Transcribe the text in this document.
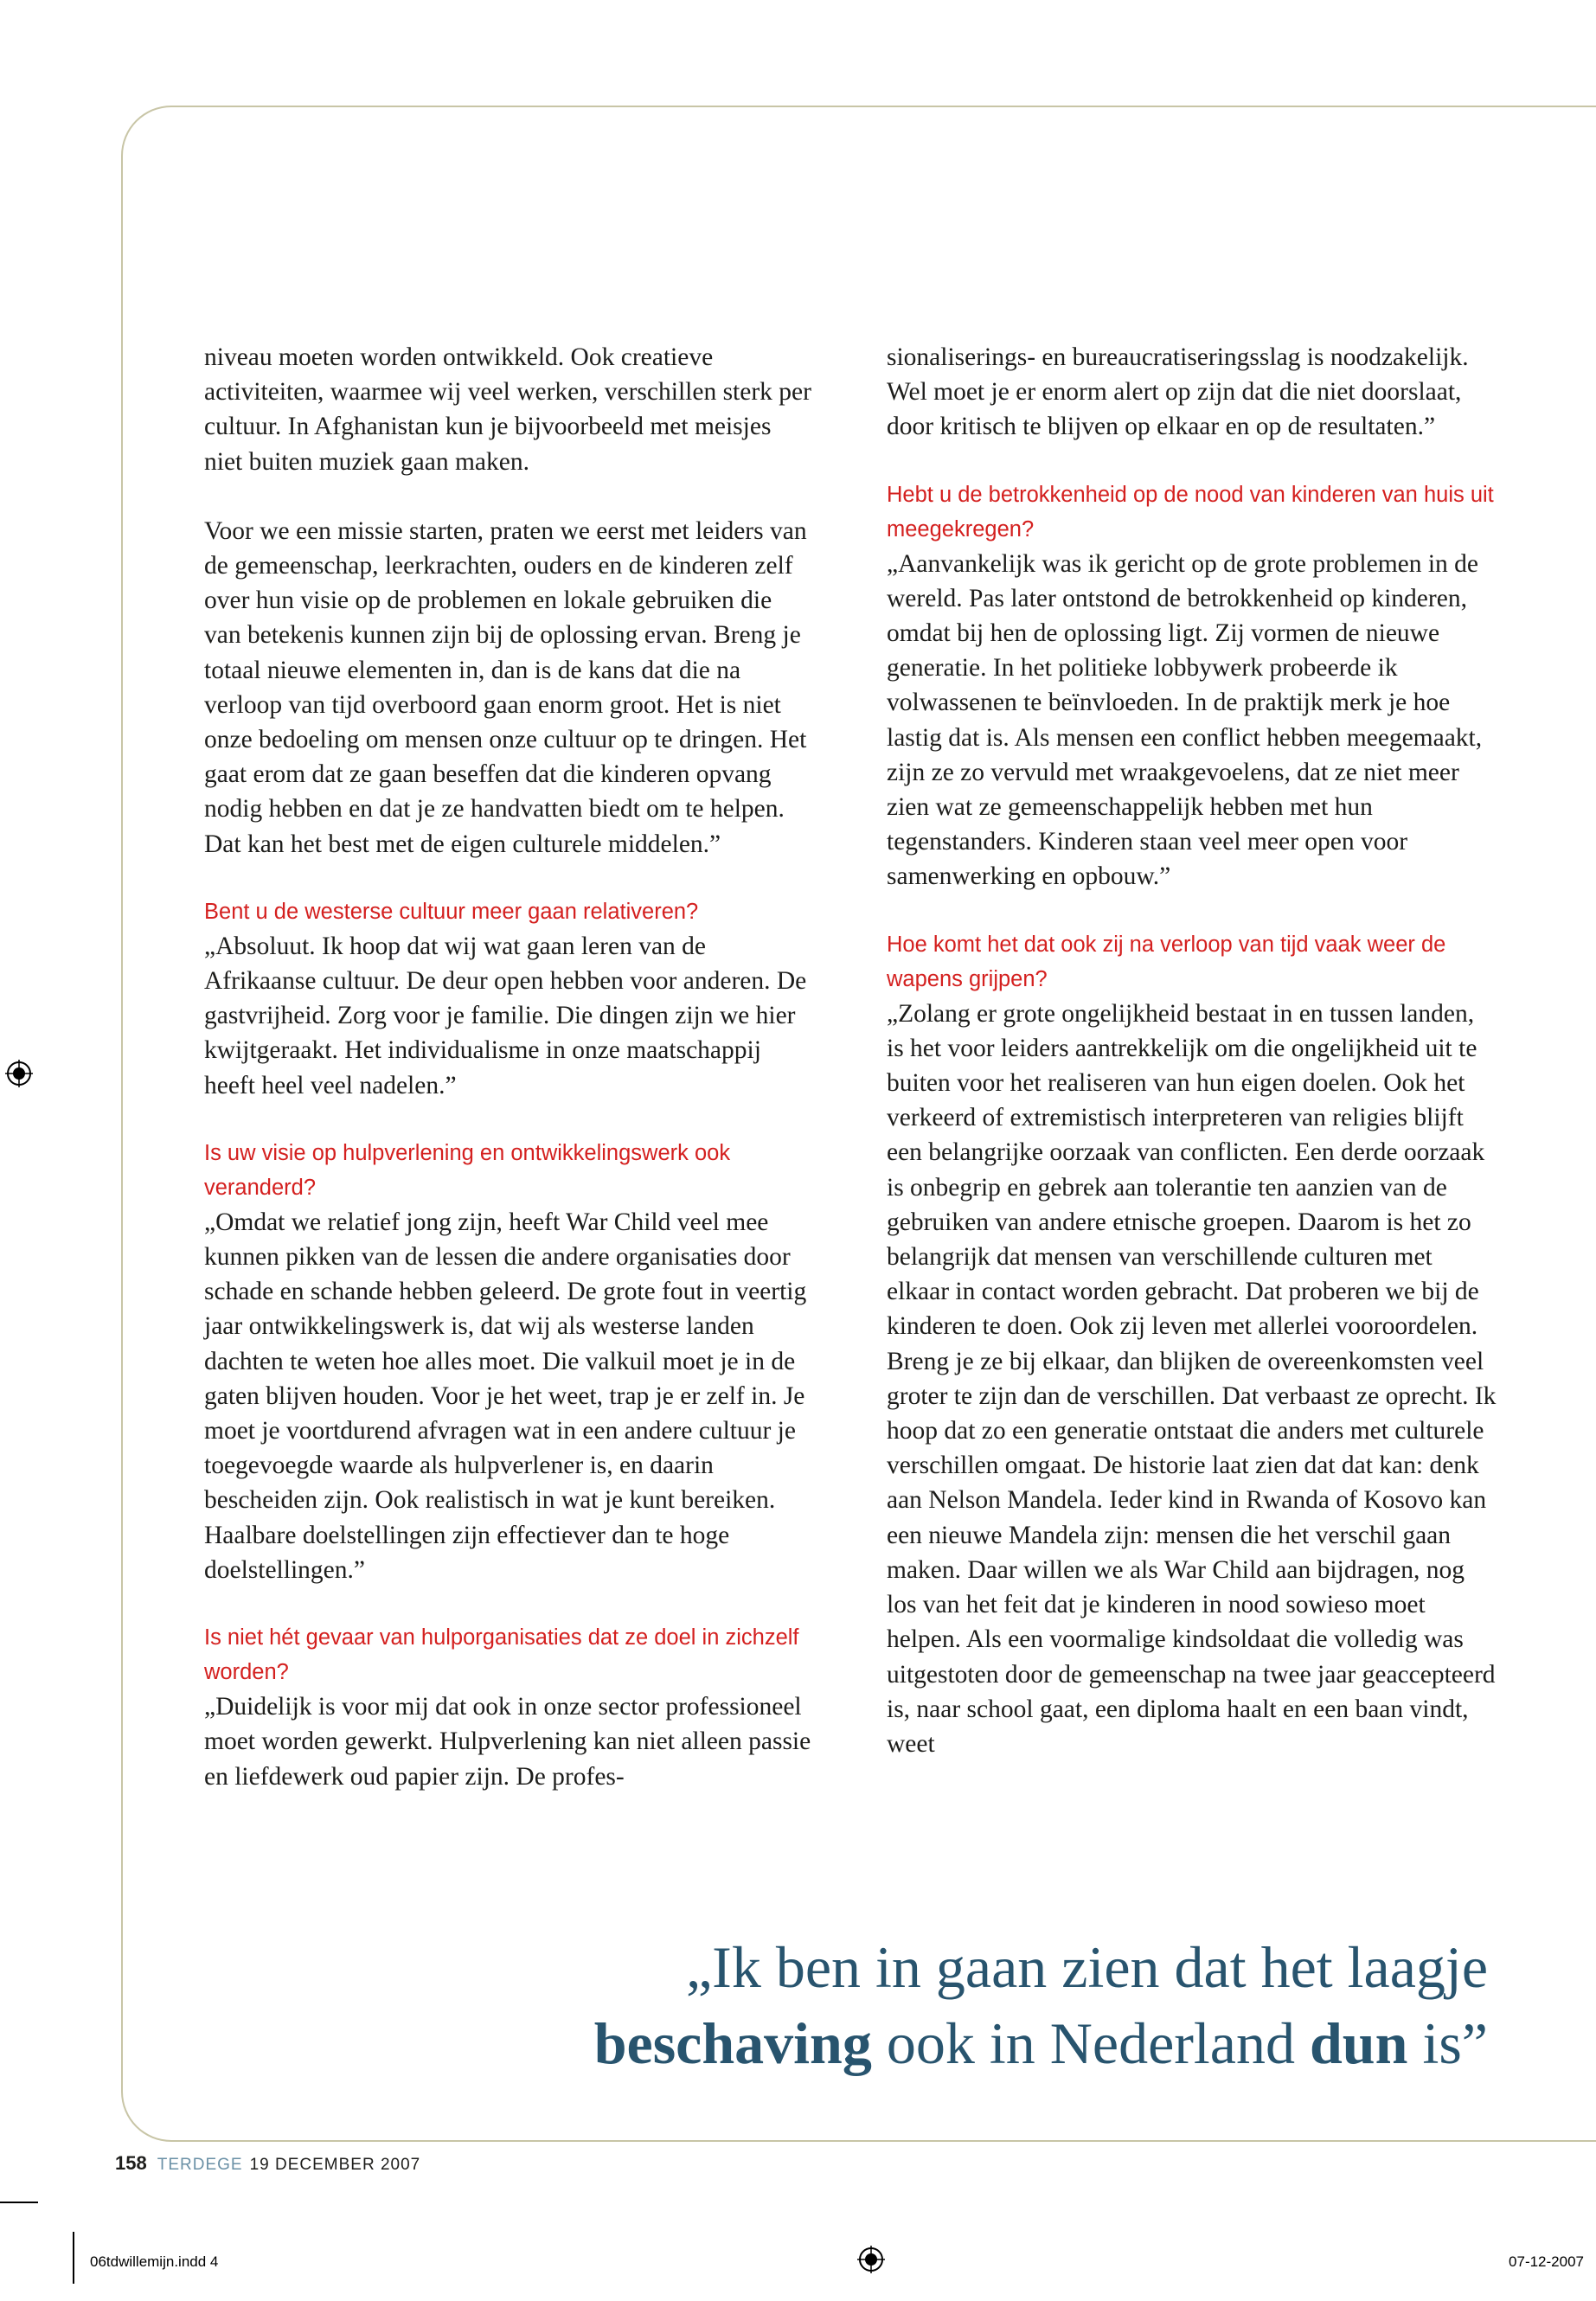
niveau moeten worden ontwikkeld. Ook creatieve activiteiten, waarmee wij veel werken, verschillen sterk per cultuur. In Afghanistan kun je bijvoorbeeld met meisjes niet buiten muziek gaan maken.

Voor we een missie starten, praten we eerst met leiders van de gemeenschap, leerkrachten, ouders en de kinderen zelf over hun visie op de problemen en lokale gebruiken die van betekenis kunnen zijn bij de oplossing ervan. Breng je totaal nieuwe elementen in, dan is de kans dat die na verloop van tijd overboord gaan enorm groot. Het is niet onze bedoeling om mensen onze cultuur op te dringen. Het gaat erom dat ze gaan beseffen dat die kinderen opvang nodig hebben en dat je ze handvatten biedt om te helpen. Dat kan het best met de eigen culturele middelen.”

Bent u de westerse cultuur meer gaan relativeren?

„Absoluut. Ik hoop dat wij wat gaan leren van de Afrikaanse cultuur. De deur open hebben voor anderen. De gastvrijheid. Zorg voor je familie. Die dingen zijn we hier kwijtgeraakt. Het individualisme in onze maatschappij heeft heel veel nadelen.”

Is uw visie op hulpverlening en ontwikkelingswerk ook veranderd?

„Omdat we relatief jong zijn, heeft War Child veel mee kunnen pikken van de lessen die andere organisaties door schade en schande hebben geleerd. De grote fout in veertig jaar ontwikkelingswerk is, dat wij als westerse landen dachten te weten hoe alles moet. Die valkuil moet je in de gaten blijven houden. Voor je het weet, trap je er zelf in. Je moet je voortdurend afvragen wat in een andere cultuur je toegevoegde waarde als hulpverlener is, en daarin bescheiden zijn. Ook realistisch in wat je kunt bereiken. Haalbare doelstellingen zijn effectiever dan te hoge doelstellingen.”

Is niet hét gevaar van hulporganisaties dat ze doel in zichzelf worden?

„Duidelijk is voor mij dat ook in onze sector professioneel moet worden gewerkt. Hulpverlening kan niet alleen passie en liefdewerk oud papier zijn. De profes-

sionaliserings- en bureaucratiseringsslag is noodzakelijk. Wel moet je er enorm alert op zijn dat die niet doorslaat, door kritisch te blijven op elkaar en op de resultaten.”

Hebt u de betrokkenheid op de nood van kinderen van huis uit meegekregen?

„Aanvankelijk was ik gericht op de grote problemen in de wereld. Pas later ontstond de betrokkenheid op kinderen, omdat bij hen de oplossing ligt. Zij vormen de nieuwe generatie. In het politieke lobbywerk probeerde ik volwassenen te beïnvloeden. In de praktijk merk je hoe lastig dat is. Als mensen een conflict hebben meegemaakt, zijn ze zo vervuld met wraakgevoelens, dat ze niet meer zien wat ze gemeenschappelijk hebben met hun tegenstanders. Kinderen staan veel meer open voor samenwerking en opbouw.”

Hoe komt het dat ook zij na verloop van tijd vaak weer de wapens grijpen?

„Zolang er grote ongelijkheid bestaat in en tussen landen, is het voor leiders aantrekkelijk om die ongelijkheid uit te buiten voor het realiseren van hun eigen doelen. Ook het verkeerd of extremistisch interpreteren van religies blijft een belangrijke oorzaak van conflicten. Een derde oorzaak is onbegrip en gebrek aan tolerantie ten aanzien van de gebruiken van andere etnische groepen. Daarom is het zo belangrijk dat mensen van verschillende culturen met elkaar in contact worden gebracht. Dat proberen we bij de kinderen te doen. Ook zij leven met allerlei vooroordelen. Breng je ze bij elkaar, dan blijken de overeenkomsten veel groter te zijn dan de verschillen. Dat verbaast ze oprecht. Ik hoop dat zo een generatie ontstaat die anders met culturele verschillen omgaat. De historie laat zien dat dat kan: denk aan Nelson Mandela. Ieder kind in Rwanda of Kosovo kan een nieuwe Mandela zijn: mensen die het verschil gaan maken. Daar willen we als War Child aan bijdragen, nog los van het feit dat je kinderen in nood sowieso moet helpen. Als een voormalige kindsoldaat die volledig was uitgestoten door de gemeenschap na twee jaar geaccepteerd is, naar school gaat, een diploma haalt en een baan vindt, weet

„Ik ben in gaan zien dat het laagje
beschaving ook in Nederland dun is”
158 TERDEGE 19 DECEMBER 2007
06tdwillemijn.indd 4	07-12-2007
